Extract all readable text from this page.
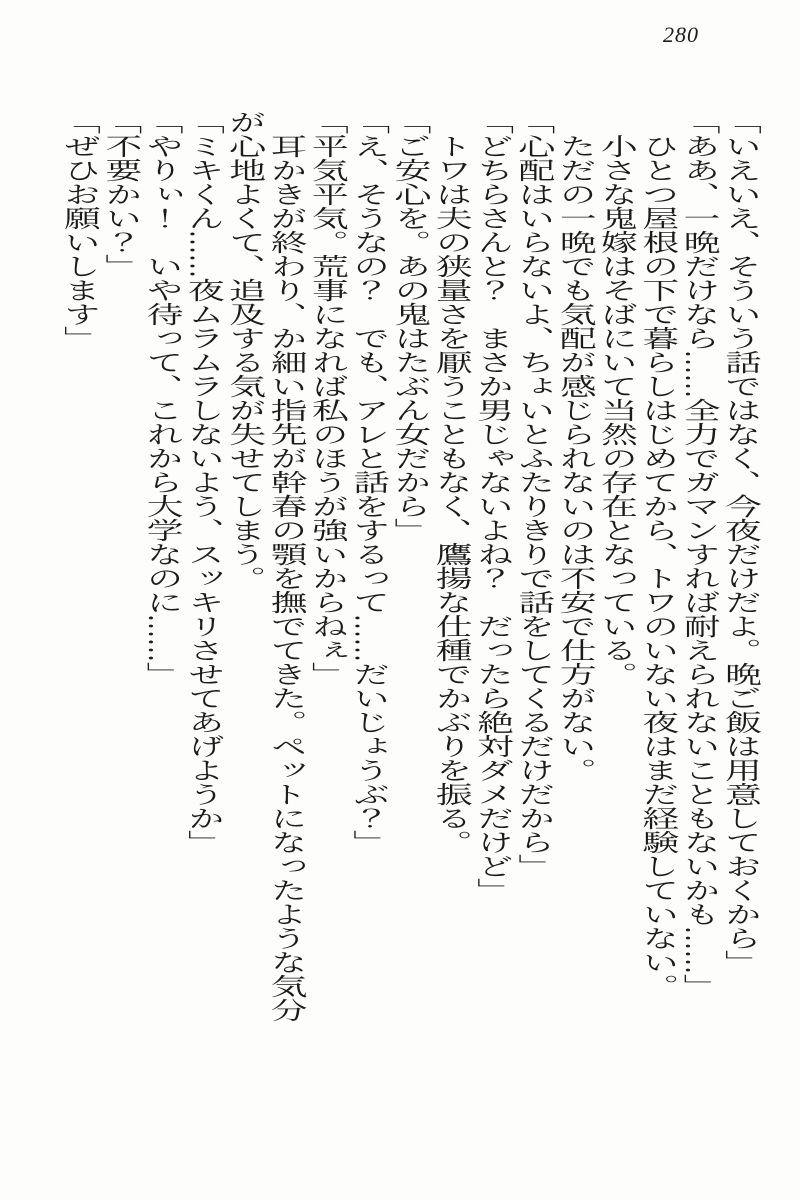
280

「いえいえ、そういう話ではなく、今夜だけだよ。晩ご飯は用意しておくから」

「ああ、一晩だけなら……全力でガマンすれば耐えられないこともないかも……」

ひとつ屋根の下で暮らしはじめてから、トワのいない夜はまだ経験していない。

小さな鬼嫁はそばにいて当然の存在となっている。

ただの一晩でも気配が感じられないのは不安で仕方がない。

「心配はいらないよ、ちょいとふたりきりで話をしてくるだけだから」

「どちらさんと？　まさか男じゃないよね？　だったら絶対ダメだけど」

トワは夫の狭量さを厭うこともなく、鷹揚な仕種でかぶりを振る。

「ご安心を。あの鬼はたぶん女だから」

「え、そうなの？　でも、アレと話をするって……だいじょうぶ？」

「平気平気。荒事になれば私のほうが強いからねぇ」

耳かきが終わり、か細い指先が幹春の顎を撫でてきた。ペットになったような気分が心地よくて、追及する気が失せてしまう。

「ミキくん……夜ムラムラしないよう、スッキリさせてあげようか」

「やりぃ！　いや待って、これから大学なのに……」

「不要かい？」

「ぜひお願いします」
